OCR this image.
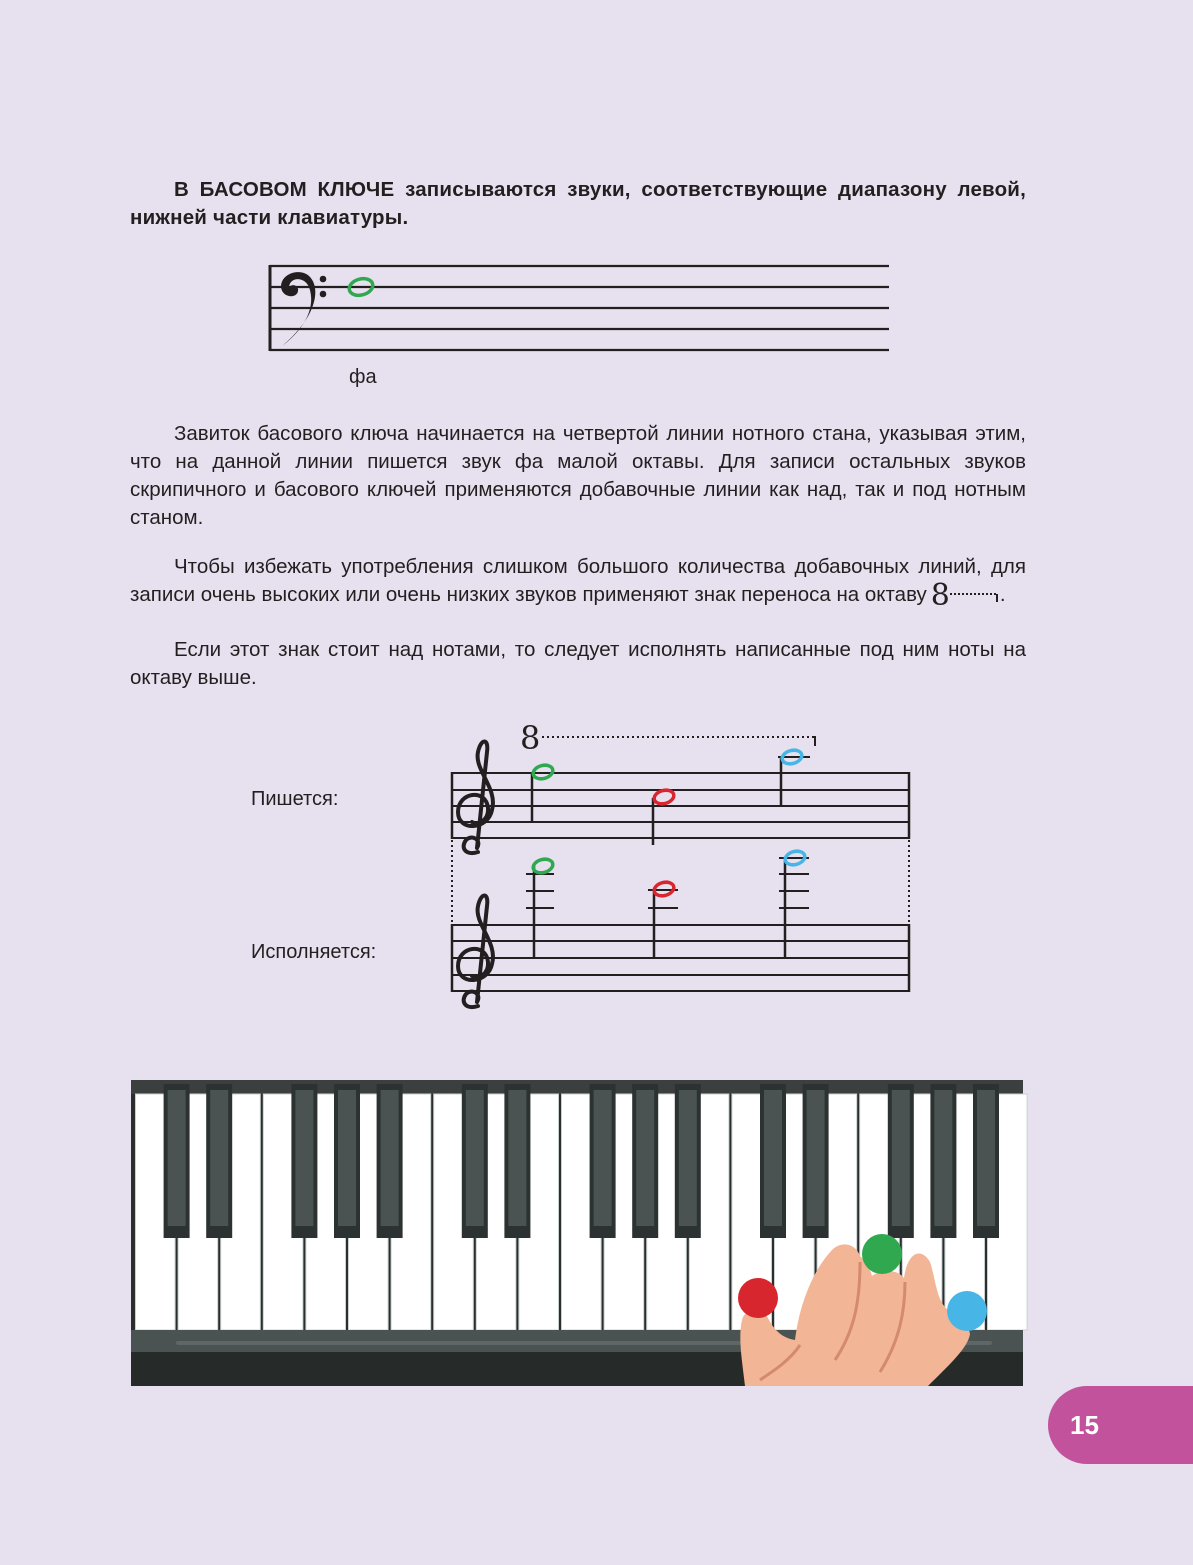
В БАСОВОМ КЛЮЧЕ записываются звуки, соответствующие диапазону левой, нижней части клавиатуры.

фа

Завиток басового ключа начинается на четвертой линии нотного стана, указывая этим, что на данной линии пишется звук фа малой октавы. Для записи остальных звуков скрипичного и басового ключей применяются добавочные линии как над, так и под нотным станом.

Чтобы избежать употребления слишком большого количества добавочных линий, для записи очень высоких или очень низких звуков применяют знак переноса на октаву 8 .

Если этот знак стоит над нотами, то следует исполнять написанные под ним ноты на октаву выше.

Пишется:
Исполняется:
8
15
